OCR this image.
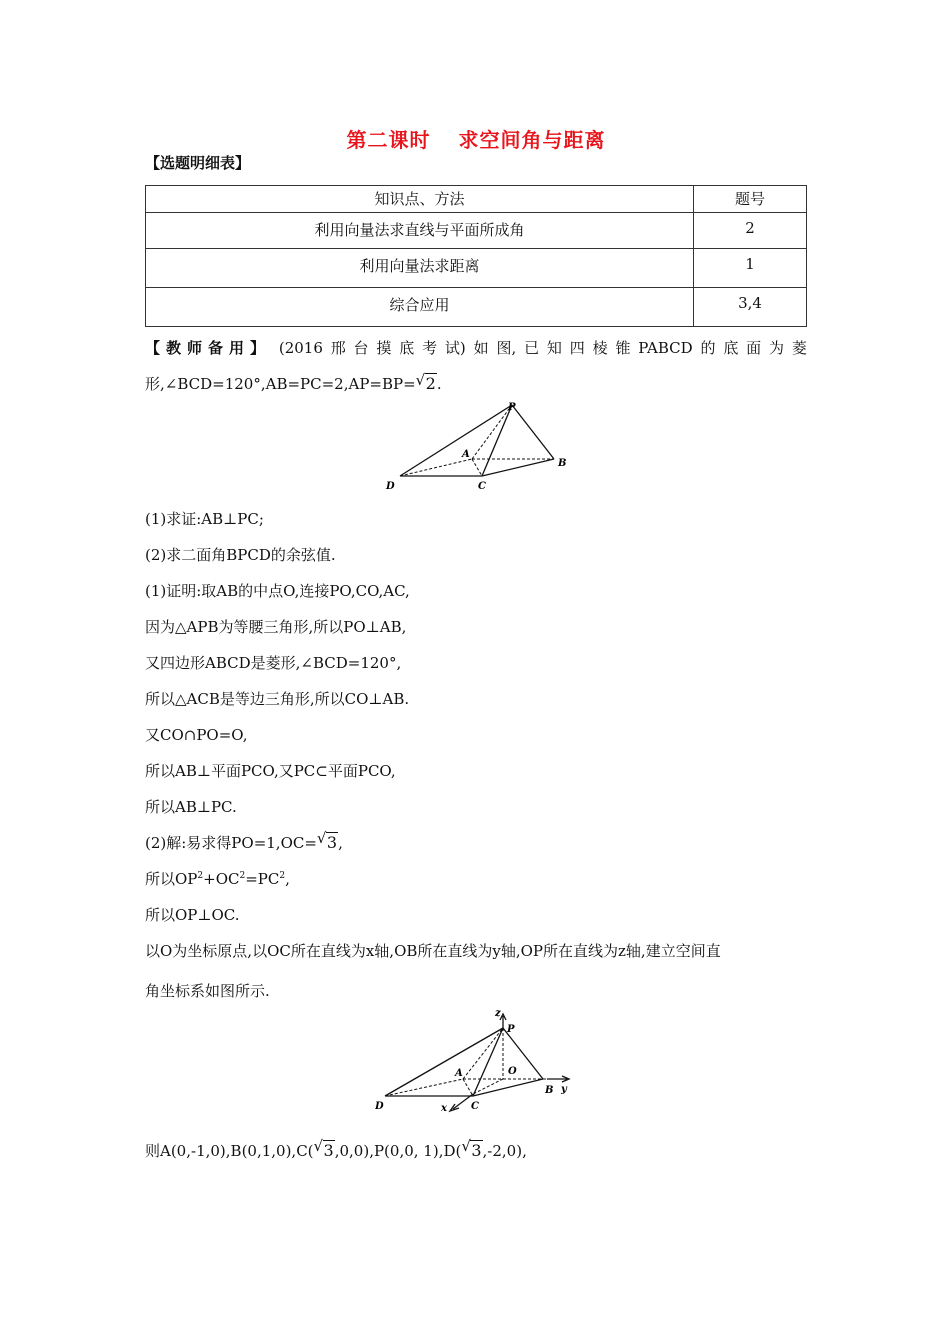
第二课时 求空间角与距离
【选题明细表】
知识点、方法	题号
利用向量法求直线与平面所成角	2
利用向量法求距离	1
综合应用	3,4
【教师备用】 (2016 邢 台 摸 底 考 试) 如 图, 已 知 四 棱 锥 PABCD 的 底 面 为 菱
形,∠BCD=120°,AB=PC=2,AP=BP= √ 2.
P
A
B
C
D
(1)求证:AB⊥PC;
(2)求二面角BPCD的余弦值.
(1)证明:取AB的中点O,连接PO,CO,AC,
因为△APB为等腰三角形,所以PO⊥AB,
又四边形ABCD是菱形,∠BCD=120°,
所以△ACB是等边三角形,所以CO⊥AB.
又CO∩PO=O,
所以AB⊥平面PCO,又PC⊂平面PCO,
所以AB⊥PC.
(2)解:易求得PO=1,OC= √ 3,
所以$OP^2+OC^2=PC^2$,
所以OP⊥OC.
以O为坐标原点,以OC所在直线为x轴,OB所在直线为y轴,OP所在直线为z轴,建立空间直
角坐标系如图所示.
z
P
A	O
B y
C
D	x
则A(0,-1,0),B(0,1,0),C( √ 3,0,0),P(0,0, 1),D( √ 3,-2,0),
